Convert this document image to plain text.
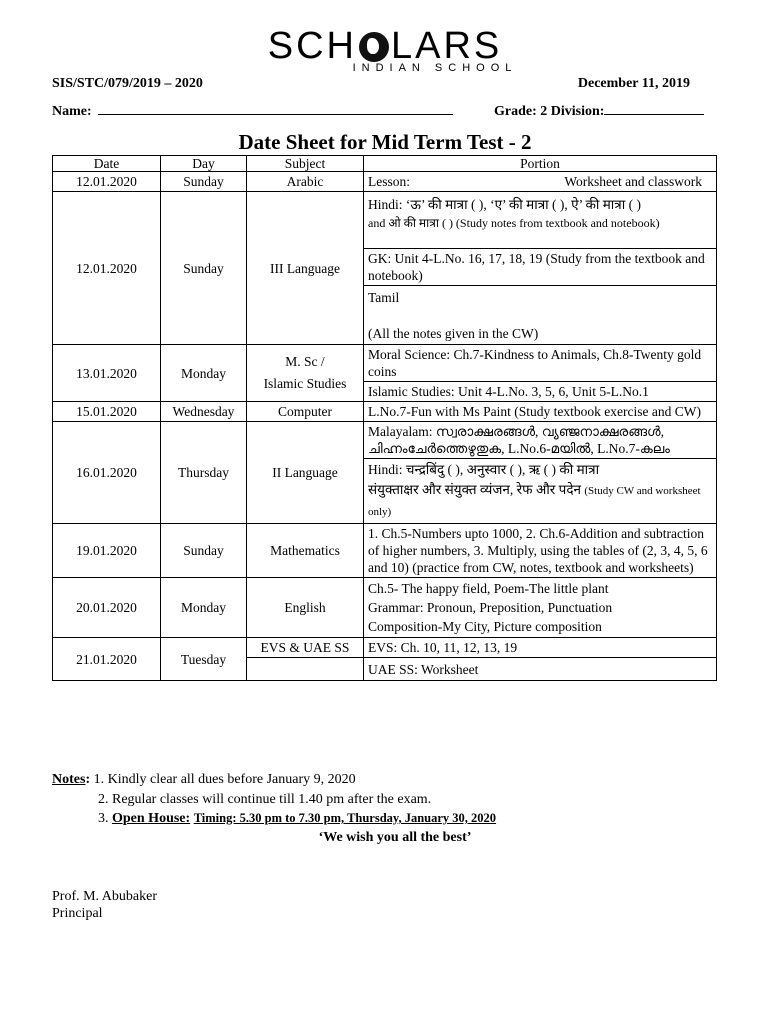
SCH LARS
INDIAN SCHOOL
SIS/STC/079/2019 – 2020	December 11, 2019
Name:	Grade: 2 Division:
Date Sheet for Mid Term Test - 2
Date	Day	Subject	Portion
12.01.2020	Sunday	Arabic	Lesson: Worksheet and classwork

12.01.2020	Sunday	III Language	Hindi: ‘ऊ’ की मात्रा ( ), ‘ए’ की मात्रा ( ), ऐ’ की मात्रा ( )
and ओ की मात्रा ( ) (Study notes from textbook and notebook)

			GK: Unit 4-L.No. 16, 17, 18, 19 (Study from the textbook and notebook)

			Tamil
(All the notes given in the CW)

13.01.2020	Monday	M. Sc /
Islamic Studies	Moral Science: Ch.7-Kindness to Animals, Ch.8-Twenty gold coins
			Islamic Studies: Unit 4-L.No. 3, 5, 6, Unit 5-L.No.1
15.01.2020	Wednesday	Computer	L.No.7-Fun with Ms Paint (Study textbook exercise and CW)
16.01.2020	Thursday	II Language	Malayalam: സ്വരാക്ഷരങ്ങൾ, വ്യഞ്ജനാക്ഷരങ്ങൾ, ചിഹ്നംചേർത്തെഴുതുക, L.No.6-മയിൽ, L.No.7-കലം

			Hindi: चन्द्रबिंदु ( ), अनुस्वार ( ), ऋ ( ) की मात्रा
संयुक्ताक्षर और संयुक्त व्यंजन, रेफ और पदेन (Study CW and worksheet only)

19.01.2020	Sunday	Mathematics	1. Ch.5-Numbers upto 1000, 2. Ch.6-Addition and subtraction of higher numbers, 3. Multiply, using the tables of (2, 3, 4, 5, 6 and 10) (practice from CW, notes, textbook and worksheets)
20.01.2020	Monday	English	Ch.5- The happy field, Poem-The little plant
Grammar: Pronoun, Preposition, Punctuation
Composition-My City, Picture composition

21.01.2020	Tuesday	EVS & UAE SS	EVS: Ch. 10, 11, 12, 13, 19
			UAE SS: Worksheet
Notes: 1. Kindly clear all dues before January 9, 2020
2. Regular classes will continue till 1.40 pm after the exam.
3. Open House: Timing: 5.30 pm to 7.30 pm, Thursday, January 30, 2020
‘We wish you all the best’
Prof. M. Abubaker
Principal
